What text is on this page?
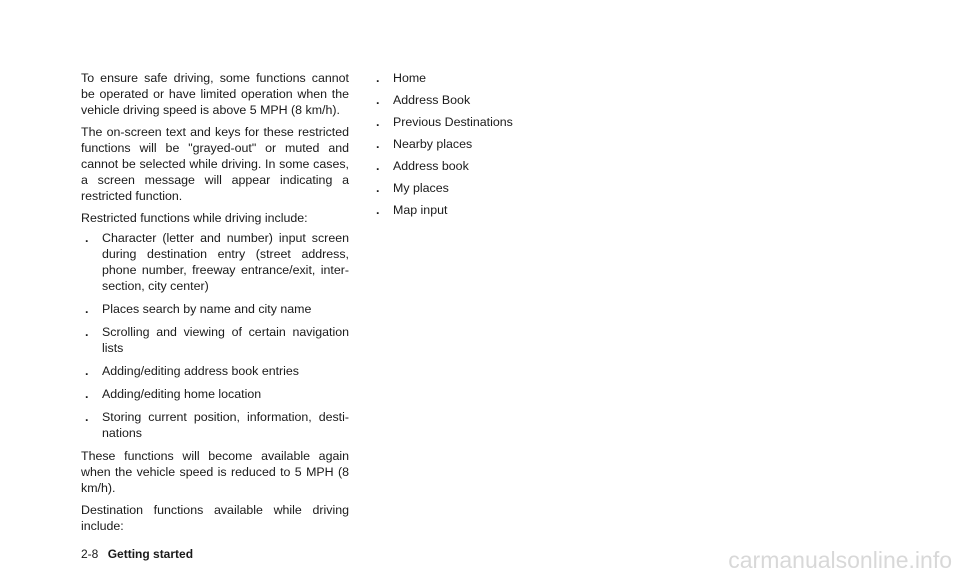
To ensure safe driving, some functions cannot be operated or have limited operation when the vehicle driving speed is above 5 MPH (8 km/h).

The on-screen text and keys for these restricted functions will be "grayed-out" or muted and cannot be selected while driving. In some cases, a screen message will appear indicating a restricted function.

Restricted functions while driving include:

. Character (letter and number) input screen during destination entry (street address, phone number, freeway entrance/exit, inter-section, city center)
. Places search by name and city name
. Scrolling and viewing of certain navigation lists
. Adding/editing address book entries
. Adding/editing home location
. Storing current position, information, desti-nations

These functions will become available again when the vehicle speed is reduced to 5 MPH (8 km/h).

Destination functions available while driving include:

. Home
. Address Book
. Previous Destinations
. Nearby places
. Address book
. My places
. Map input
2-8 Getting started	carmanualsonline.info
